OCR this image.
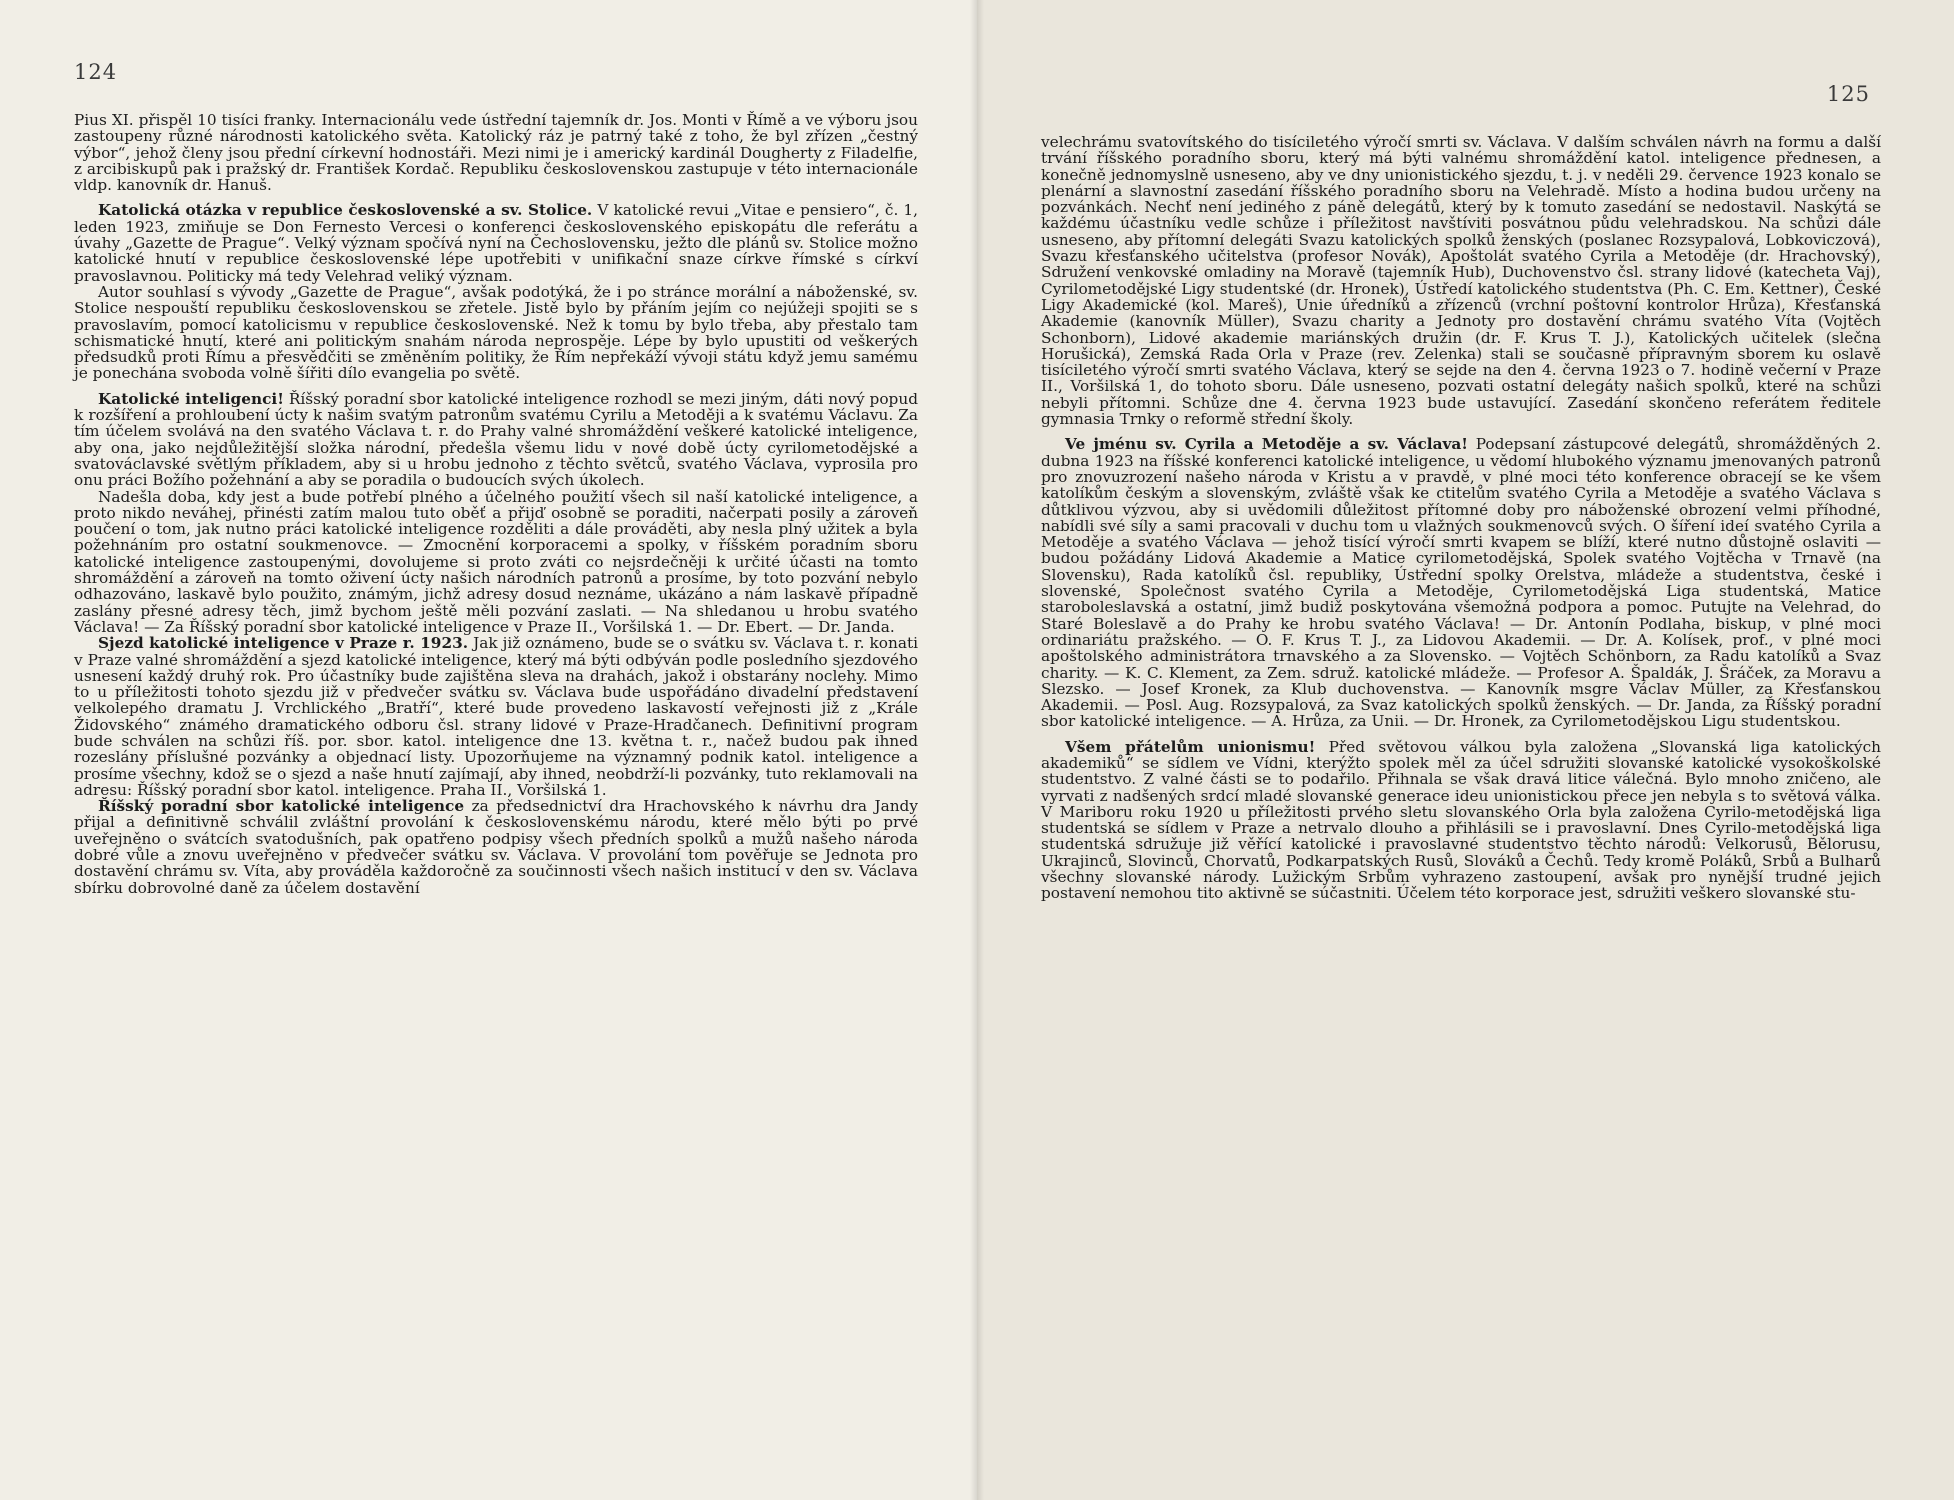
124

Pius XI. přispěl 10 tisíci franky. Internacionálu vede ústřední tajemník dr. Jos. Monti v Římě a ve výboru jsou zastoupeny různé národnosti katolického světa. Katolický ráz je patrný také z toho, že byl zřízen „čestný výbor“, jehož členy jsou přední církevní hodnostáři. Mezi nimi je i americký kardinál Dougherty z Filadelfie, z arcibiskupů pak i pražský dr. František Kordač. Republiku československou zastupuje v této internacionále vldp. kanovník dr. Hanuš.

Katolická otázka v republice československé a sv. Stolice. V katolické revui „Vitae e pensiero“, č. 1, leden 1923, zmiňuje se Don Fernesto Vercesi o konferenci československého episkopátu dle referátu a úvahy „Gazette de Prague“. Velký význam spočívá nyní na Čechoslovensku, ježto dle plánů sv. Stolice možno katolické hnutí v republice československé lépe upotřebiti v unifikační snaze církve římské s církví pravoslavnou. Politicky má tedy Velehrad veliký význam.

Autor souhlasí s vývody „Gazette de Prague“, avšak podotýká, že i po stránce morální a náboženské, sv. Stolice nespouští republiku československou se zřetele. Jistě bylo by přáním jejím co nejúžeji spojiti se s pravoslavím, pomocí katolicismu v republice československé. Než k tomu by bylo třeba, aby přestalo tam schismatické hnutí, které ani politickým snahám národa neprospěje. Lépe by bylo upustiti od veškerých předsudků proti Římu a přesvědčiti se změněním politiky, že Řím nepřekáží vývoji státu když jemu samému je ponechána svoboda volně šířiti dílo evangelia po světě.

Katolické inteligenci! Říšský poradní sbor katolické inteligence rozhodl se mezi jiným, dáti nový popud k rozšíření a prohloubení úcty k našim svatým patronům svatému Cyrilu a Metoději a k svatému Václavu. Za tím účelem svolává na den svatého Václava t. r. do Prahy valné shromáždění veškeré katolické inteligence, aby ona, jako nejdůležitější složka národní, předešla všemu lidu v nové době úcty cyrilometodějské a svatováclavské světlým příkladem, aby si u hrobu jednoho z těchto světců, svatého Václava, vyprosila pro onu práci Božího požehnání a aby se poradila o budoucích svých úkolech.

Nadešla doba, kdy jest a bude potřebí plného a účelného použití všech sil naší katolické inteligence, a proto nikdo neváhej, přinésti zatím malou tuto oběť a přijď osobně se poraditi, načerpati posily a zároveň poučení o tom, jak nutno práci katolické inteligence rozděliti a dále prováděti, aby nesla plný užitek a byla požehnáním pro ostatní soukmenovce. — Zmocnění korporacemi a spolky, v říšském poradním sboru katolické inteligence zastoupenými, dovolujeme si proto zváti co nejsrdečněji k určité účasti na tomto shromáždění a zároveň na tomto oživení úcty našich národních patronů a prosíme, by toto pozvání nebylo odhazováno, laskavě bylo použito, známým, jichž adresy dosud neznáme, ukázáno a nám laskavě případně zaslány přesné adresy těch, jimž bychom ještě měli pozvání zaslati. — Na shledanou u hrobu svatého Václava! — Za Říšský poradní sbor katolické inteligence v Praze II., Voršilská 1. — Dr. Ebert. — Dr. Janda.

Sjezd katolické inteligence v Praze r. 1923. Jak již oznámeno, bude se o svátku sv. Václava t. r. konati v Praze valné shromáždění a sjezd katolické inteligence, který má býti odbýván podle posledního sjezdového usnesení každý druhý rok. Pro účastníky bude zajištěna sleva na drahách, jakož i obstarány noclehy. Mimo to u příležitosti tohoto sjezdu již v předvečer svátku sv. Václava bude uspořádáno divadelní představení velkolepého dramatu J. Vrchlického „Bratří“, které bude provedeno laskavostí veřejnosti již z „Krále Židovského“ známého dramatického odboru čsl. strany lidové v Praze-Hradčanech. Definitivní program bude schválen na schůzi říš. por. sbor. katol. inteligence dne 13. května t. r., načež budou pak ihned rozeslány příslušné pozvánky a objednací listy. Upozorňujeme na významný podnik katol. inteligence a prosíme všechny, kdož se o sjezd a naše hnutí zajímají, aby ihned, neobdrží-li pozvánky, tuto reklamovali na adresu: Říšský poradní sbor katol. inteligence. Praha II., Voršilská 1.

Říšský poradní sbor katolické inteligence za předsednictví dra Hrachovského k návrhu dra Jandy přijal a definitivně schválil zvláštní provolání k československému národu, které mělo býti po prvé uveřejněno o svátcích svatodušních, pak opatřeno podpisy všech předních spolků a mužů našeho národa dobré vůle a znovu uveřejněno v předvečer svátku sv. Václava. V provolání tom pověřuje se Jednota pro dostavění chrámu sv. Víta, aby prováděla každoročně za součinnosti všech našich institucí v den sv. Václava sbírku dobrovolné daně za účelem dostavění

125

velechrámu svatovítského do tisíciletého výročí smrti sv. Václava. V dalším schválen návrh na formu a další trvání říšského poradního sboru, který má býti valnému shromáždění katol. inteligence přednesen, a konečně jednomyslně usneseno, aby ve dny unionistického sjezdu, t. j. v neděli 29. července 1923 konalo se plenární a slavnostní zasedání říšského poradního sboru na Velehradě. Místo a hodina budou určeny na pozvánkách. Nechť není jediného z páně delegátů, který by k tomuto zasedání se nedostavil. Naskýtá se každému účastníku vedle schůze i příležitost navštíviti posvátnou půdu velehradskou. Na schůzi dále usneseno, aby přítomní delegáti Svazu katolických spolků ženských (poslanec Rozsypalová, Lobkoviczová), Svazu křesťanského učitelstva (profesor Novák), Apoštolát svatého Cyrila a Metoděje (dr. Hrachovský), Sdružení venkovské omladiny na Moravě (tajemník Hub), Duchovenstvo čsl. strany lidové (katecheta Vaj), Cyrilometodějské Ligy studentské (dr. Hronek), Ústředí katolického studentstva (Ph. C. Em. Kettner), České Ligy Akademické (kol. Mareš), Unie úředníků a zřízenců (vrchní poštovní kontrolor Hrůza), Křesťanská Akademie (kanovník Müller), Svazu charity a Jednoty pro dostavění chrámu svatého Víta (Vojtěch Schonborn), Lidové akademie mariánských družin (dr. F. Krus T. J.), Katolických učitelek (slečna Horušická), Zemská Rada Orla v Praze (rev. Zelenka) stali se současně přípravným sborem ku oslavě tisíciletého výročí smrti svatého Václava, který se sejde na den 4. června 1923 o 7. hodině večerní v Praze II., Voršilská 1, do tohoto sboru. Dále usneseno, pozvati ostatní delegáty našich spolků, které na schůzi nebyli přítomni. Schůze dne 4. června 1923 bude ustavující. Zasedání skončeno referátem ředitele gymnasia Trnky o reformě střední školy.

Ve jménu sv. Cyrila a Metoděje a sv. Václava! Podepsaní zástupcové delegátů, shromážděných 2. dubna 1923 na říšské konferenci katolické inteligence, u vědomí hlubokého významu jmenovaných patronů pro znovuzrození našeho národa v Kristu a v pravdě, v plné moci této konference obracejí se ke všem katolíkům českým a slovenským, zvláště však ke ctitelům svatého Cyrila a Metoděje a svatého Václava s důtklivou výzvou, aby si uvědomili důležitost přítomné doby pro náboženské obrození velmi příhodné, nabídli své síly a sami pracovali v duchu tom u vlažných soukmenovců svých. O šíření ideí svatého Cyrila a Metoděje a svatého Václava — jehož tisící výročí smrti kvapem se blíží, které nutno důstojně oslaviti — budou požádány Lidová Akademie a Matice cyrilometodějská, Spolek svatého Vojtěcha v Trnavě (na Slovensku), Rada katolíků čsl. republiky, Ústřední spolky Orelstva, mládeže a studentstva, české i slovenské, Společnost svatého Cyrila a Metoděje, Cyrilometodějská Liga studentská, Matice staroboleslavská a ostatní, jimž budiž poskytována všemožná podpora a pomoc. Putujte na Velehrad, do Staré Boleslavě a do Prahy ke hrobu svatého Václava! — Dr. Antonín Podlaha, biskup, v plné moci ordinariátu pražského. — O. F. Krus T. J., za Lidovou Akademii. — Dr. A. Kolísek, prof., v plné moci apoštolského administrátora trnavského a za Slovensko. — Vojtěch Schönborn, za Radu katolíků a Svaz charity. — K. C. Klement, za Zem. sdruž. katolické mládeže. — Profesor A. Špaldák, J. Šráček, za Moravu a Slezsko. — Josef Kronek, za Klub duchovenstva. — Kanovník msgre Václav Müller, za Křesťanskou Akademii. — Posl. Aug. Rozsypalová, za Svaz katolických spolků ženských. — Dr. Janda, za Říšský poradní sbor katolické inteligence. — A. Hrůza, za Unii. — Dr. Hronek, za Cyrilometodějskou Ligu studentskou.

Všem přátelům unionismu! Před světovou válkou byla založena „Slovanská liga katolických akademiků“ se sídlem ve Vídni, kterýžto spolek měl za účel sdružiti slovanské katolické vysokoškolské studentstvo. Z valné části se to podařilo. Přihnala se však dravá litice válečná. Bylo mnoho zničeno, ale vyrvati z nadšených srdcí mladé slovanské generace ideu unionistickou přece jen nebyla s to světová válka. V Mariboru roku 1920 u příležitosti prvého sletu slovanského Orla byla založena Cyrilo-metodějská liga studentská se sídlem v Praze a netrvalo dlouho a přihlásili se i pravoslavní. Dnes Cyrilo-metodějská liga studentská sdružuje již věřící katolické i pravoslavné studentstvo těchto národů: Velkorusů, Bělorusu, Ukrajinců, Slovinců, Chorvatů, Podkarpatských Rusů, Slováků a Čechů. Tedy kromě Poláků, Srbů a Bulharů všechny slovanské národy. Lužickým Srbům vyhrazeno zastoupení, avšak pro nynější trudné jejich postavení nemohou tito aktivně se súčastniti. Účelem této korporace jest, sdružiti veškero slovanské stu-
